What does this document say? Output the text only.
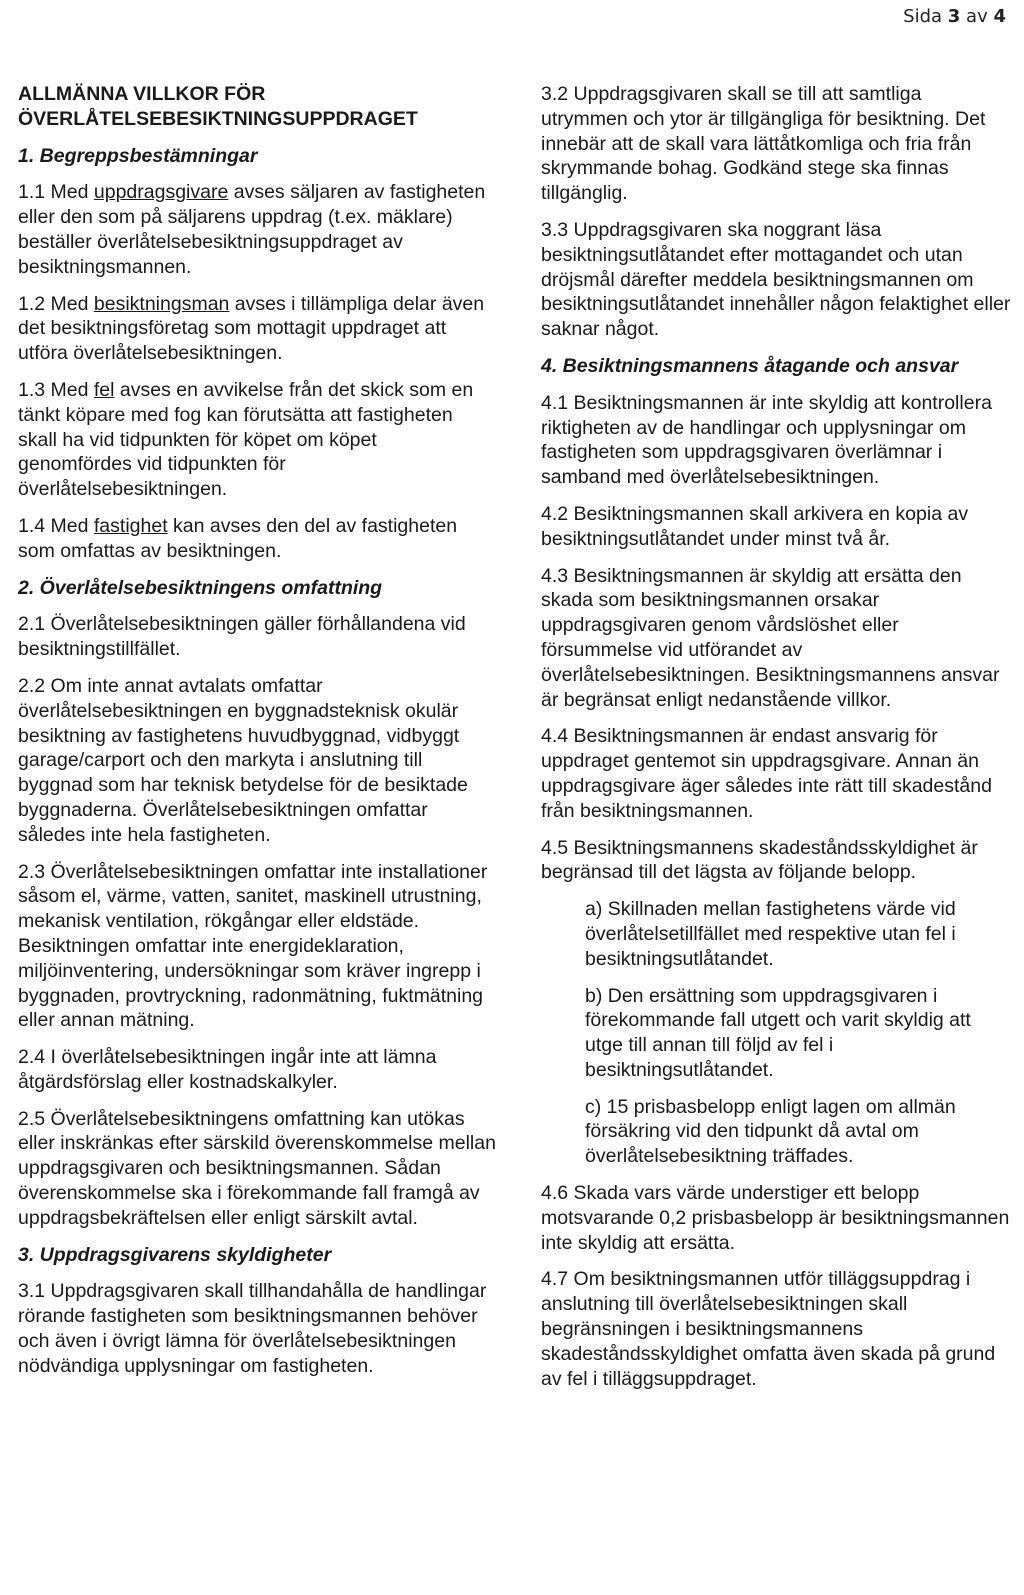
Sida 3 av 4
ALLMÄNNA VILLKOR FÖR
ÖVERLÅTELSEBESIKTNINGSUPPDRAGET
1. Begreppsbestämningar
1.1 Med uppdragsgivare avses säljaren av fastigheten eller den som på säljarens uppdrag (t.ex. mäklare) beställer överlåtelsebesiktningsuppdraget av besiktningsmannen.
1.2 Med besiktningsman avses i tillämpliga delar även det besiktningsföretag som mottagit uppdraget att utföra överlåtelsebesiktningen.
1.3 Med fel avses en avvikelse från det skick som en tänkt köpare med fog kan förutsätta att fastigheten skall ha vid tidpunkten för köpet om köpet genomfördes vid tidpunkten för överlåtelsebesiktningen.
1.4 Med fastighet kan avses den del av fastigheten som omfattas av besiktningen.
2. Överlåtelsebesiktningens omfattning
2.1 Överlåtelsebesiktningen gäller förhållandena vid besiktningstillfället.
2.2 Om inte annat avtalats omfattar överlåtelsebesiktningen en byggnadsteknisk okulär besiktning av fastighetens huvudbyggnad, vidbyggt garage/carport och den markyta i anslutning till byggnad som har teknisk betydelse för de besiktade byggnaderna. Överlåtelsebesiktningen omfattar således inte hela fastigheten.
2.3 Överlåtelsebesiktningen omfattar inte installationer såsom el, värme, vatten, sanitet, maskinell utrustning, mekanisk ventilation, rökgångar eller eldstäde. Besiktningen omfattar inte energideklaration, miljöinventering, undersökningar som kräver ingrepp i byggnaden, provtryckning, radonmätning, fuktmätning eller annan mätning.
2.4 I överlåtelsebesiktningen ingår inte att lämna åtgärdsförslag eller kostnadskalkyler.
2.5 Överlåtelsebesiktningens omfattning kan utökas eller inskränkas efter särskild överenskommelse mellan uppdragsgivaren och besiktningsmannen. Sådan överenskommelse ska i förekommande fall framgå av uppdragsbekräftelsen eller enligt särskilt avtal.
3. Uppdragsgivarens skyldigheter
3.1 Uppdragsgivaren skall tillhandahålla de handlingar rörande fastigheten som besiktningsmannen behöver och även i övrigt lämna för överlåtelsebesiktningen nödvändiga upplysningar om fastigheten.
3.2 Uppdragsgivaren skall se till att samtliga utrymmen och ytor är tillgängliga för besiktning. Det innebär att de skall vara lättåtkomliga och fria från skrymmande bohag. Godkänd stege ska finnas tillgänglig.
3.3 Uppdragsgivaren ska noggrant läsa besiktningsutlåtandet efter mottagandet och utan dröjsmål därefter meddela besiktningsmannen om besiktningsutlåtandet innehåller någon felaktighet eller saknar något.
4. Besiktningsmannens åtagande och ansvar
4.1 Besiktningsmannen är inte skyldig att kontrollera riktigheten av de handlingar och upplysningar om fastigheten som uppdragsgivaren överlämnar i samband med överlåtelsebesiktningen.
4.2 Besiktningsmannen skall arkivera en kopia av besiktningsutlåtandet under minst två år.
4.3 Besiktningsmannen är skyldig att ersätta den skada som besiktningsmannen orsakar uppdragsgivaren genom vårdslöshet eller försummelse vid utförandet av överlåtelsebesiktningen. Besiktningsmannens ansvar är begränsat enligt nedanstående villkor.
4.4 Besiktningsmannen är endast ansvarig för uppdraget gentemot sin uppdragsgivare. Annan än uppdragsgivare äger således inte rätt till skadestånd från besiktningsmannen.
4.5 Besiktningsmannens skadeståndsskyldighet är begränsad till det lägsta av följande belopp.
a) Skillnaden mellan fastighetens värde vid överlåtelsetillfället med respektive utan fel i besiktningsutlåtandet.
b) Den ersättning som uppdragsgivaren i förekommande fall utgett och varit skyldig att utge till annan till följd av fel i besiktningsutlåtandet.
c) 15 prisbasbelopp enligt lagen om allmän försäkring vid den tidpunkt då avtal om överlåtelsebesiktning träffades.
4.6 Skada vars värde understiger ett belopp motsvarande 0,2 prisbasbelopp är besiktningsmannen inte skyldig att ersätta.
4.7 Om besiktningsmannen utför tilläggsuppdrag i anslutning till överlåtelsebesiktningen skall begränsningen i besiktningsmannens skadeståndsskyldighet omfatta även skada på grund av fel i tilläggsuppdraget.
